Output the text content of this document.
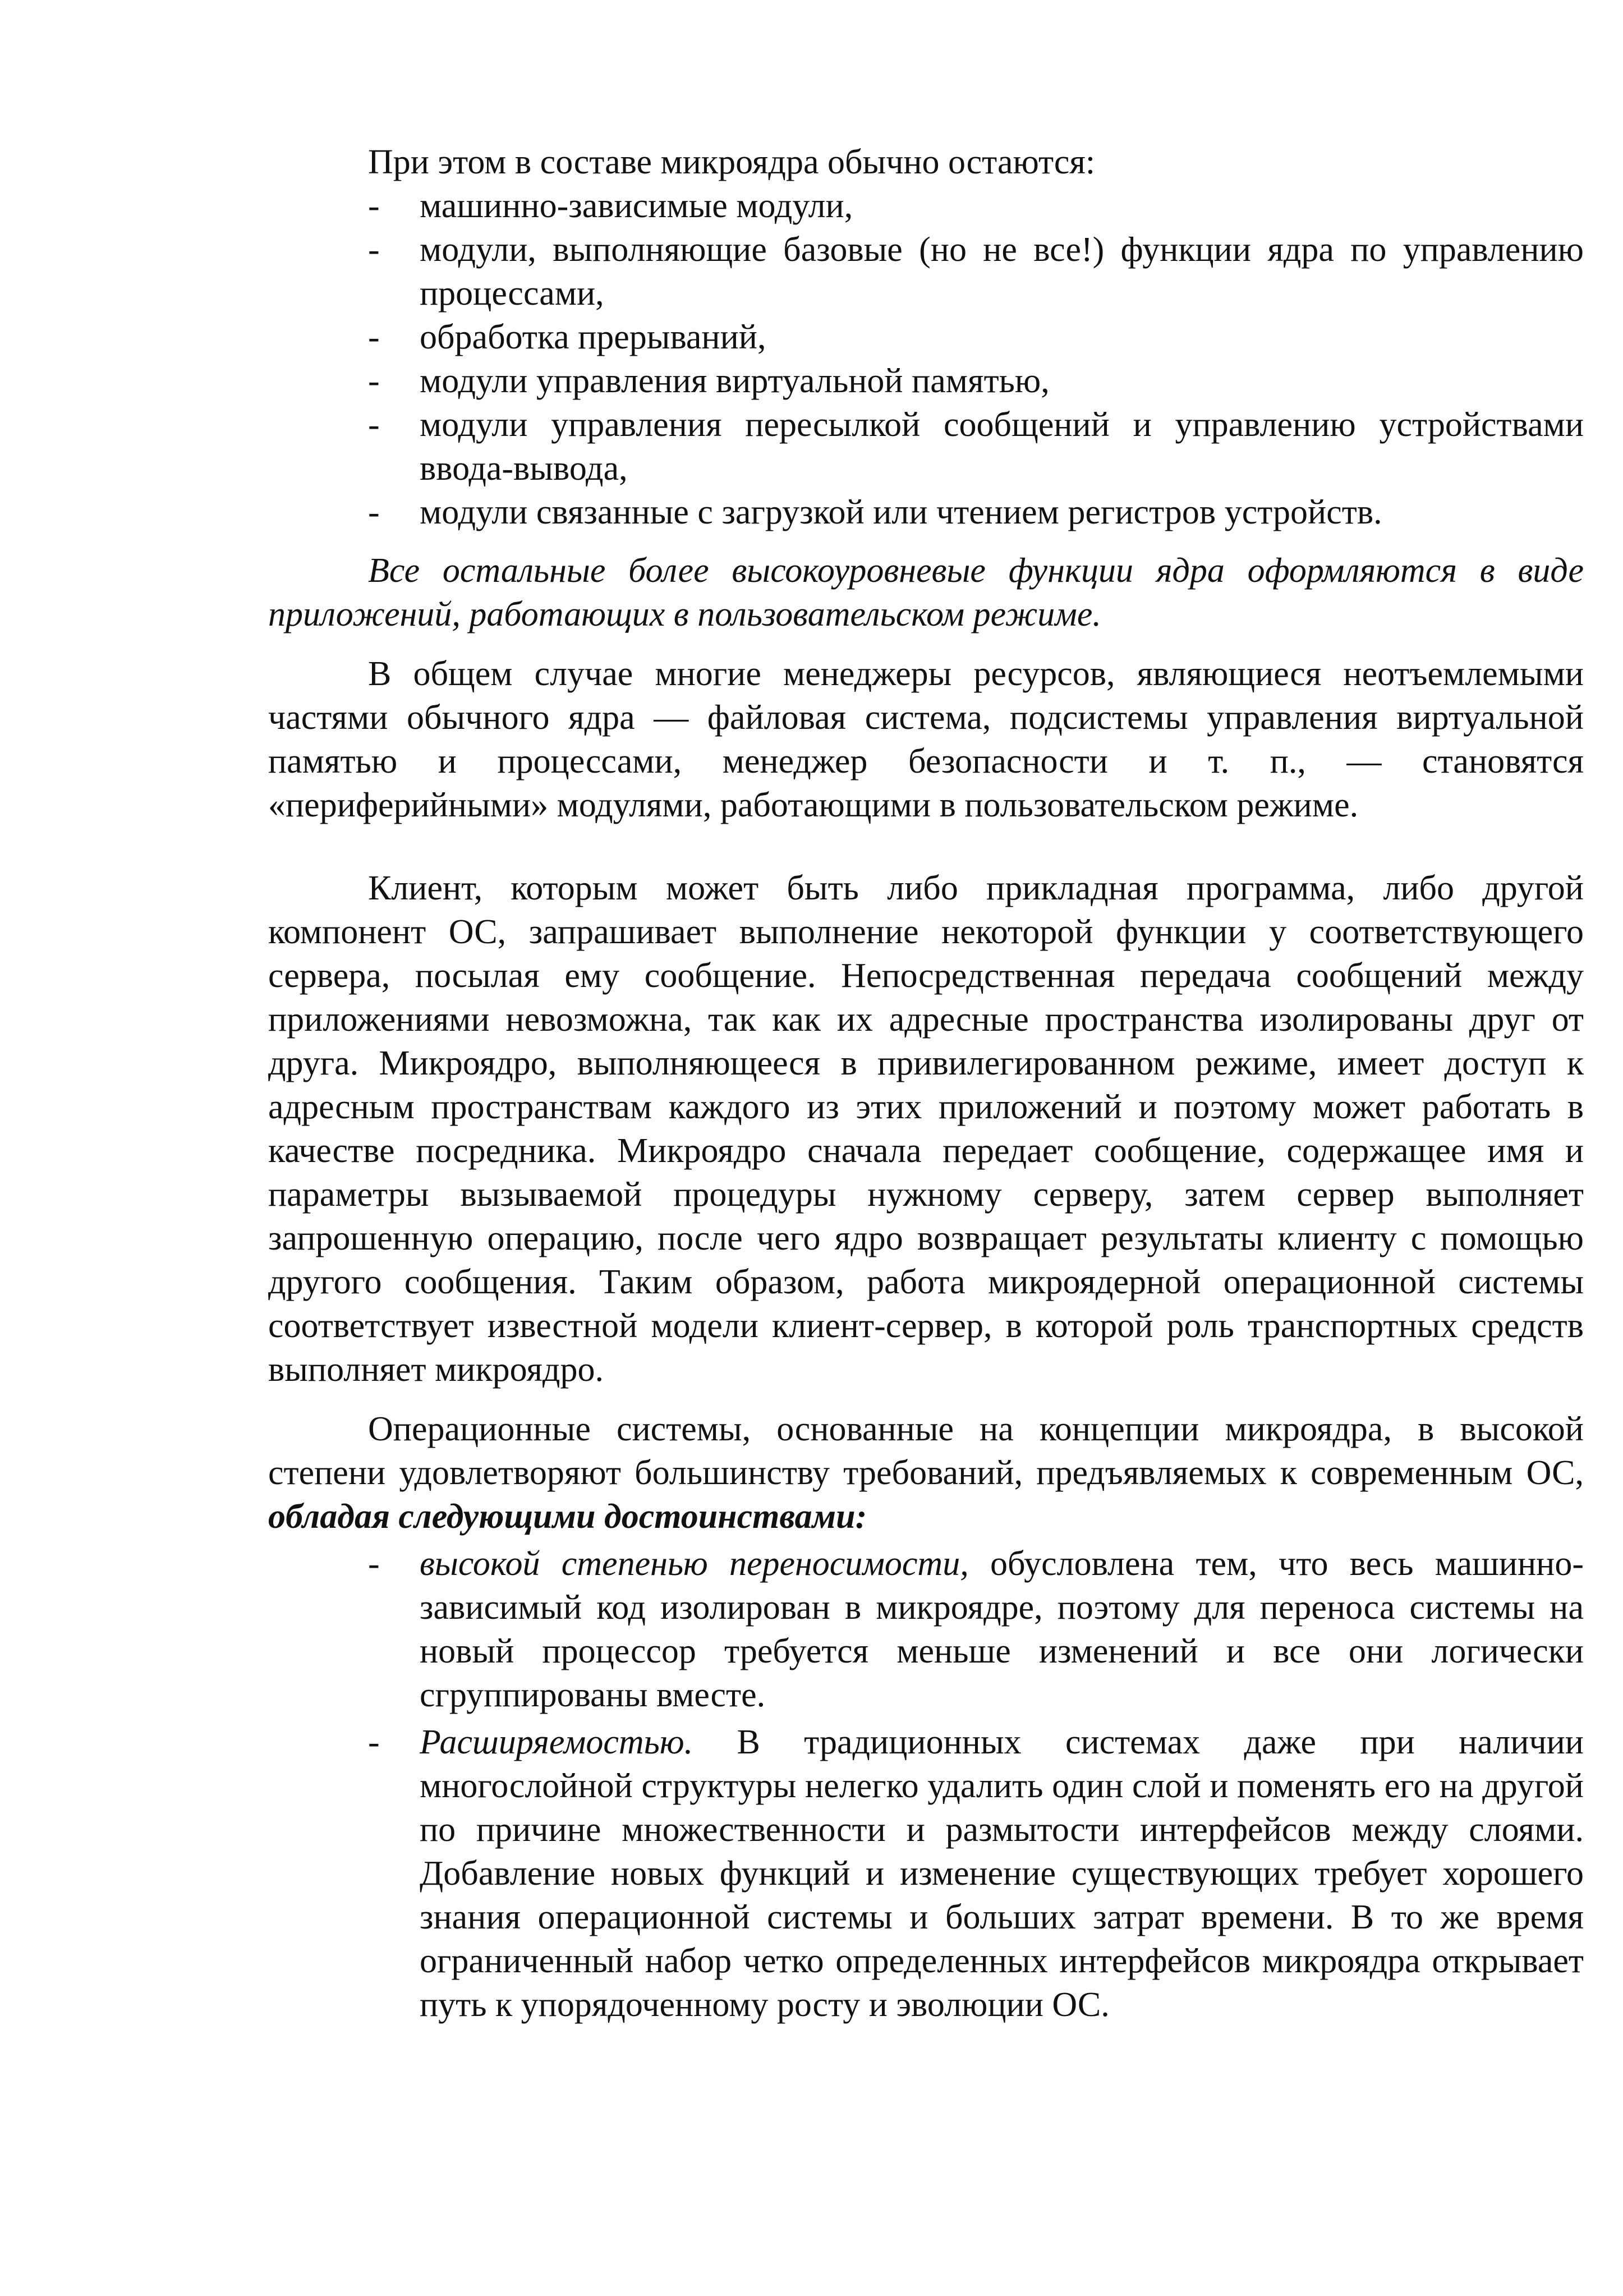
При этом в составе микроядра обычно остаются:

- машинно-зависимые модули,
- модули, выполняющие базовые (но не все!) функции ядра по управлению процессами,
- обработка прерываний,
- модули управления виртуальной памятью,
- модули управления пересылкой сообщений и управлению устройствами ввода-вывода,
- модули связанные с загрузкой или чтением регистров устройств.

Все остальные более высокоуровневые функции ядра оформляются в виде приложений, работающих в пользовательском режиме.

В общем случае многие менеджеры ресурсов, являющиеся неотъемлемыми частями обычного ядра — файловая система, подсистемы управления виртуальной памятью и процессами, менеджер безопасности и т. п., — становятся «периферийными» модулями, работающими в пользовательском режиме.

Клиент, которым может быть либо прикладная программа, либо другой компонент ОС, запрашивает выполнение некоторой функции у соответствующего сервера, посылая ему сообщение. Непосредственная передача сообщений между приложениями невозможна, так как их адресные пространства изолированы друг от друга. Микроядро, выполняющееся в привилегированном режиме, имеет доступ к адресным пространствам каждого из этих приложений и поэтому может работать в качестве посредника. Микроядро сначала передает сообщение, содержащее имя и параметры вызываемой процедуры нужному серверу, затем сервер выполняет запрошенную операцию, после чего ядро возвращает результаты клиенту с помощью другого сообщения. Таким образом, работа микроядерной операционной системы соответствует известной модели клиент-сервер, в которой роль транспортных средств выполняет микроядро.

Операционные системы, основанные на концепции микроядра, в высокой степени удовлетворяют большинству требований, предъявляемых к современным ОС, обладая следующими достоинствами:

- высокой степенью переносимости, обусловлена тем, что весь машинно-зависимый код изолирован в микроядре, поэтому для переноса системы на новый процессор требуется меньше изменений и все они логически сгруппированы вместе.
- Расширяемостью. В традиционных системах даже при наличии многослойной структуры нелегко удалить один слой и поменять его на другой по причине множественности и размытости интерфейсов между слоями. Добавление новых функций и изменение существующих требует хорошего знания операционной системы и больших затрат времени. В то же время ограниченный набор четко определенных интерфейсов микроядра открывает путь к упорядоченному росту и эволюции ОС.
